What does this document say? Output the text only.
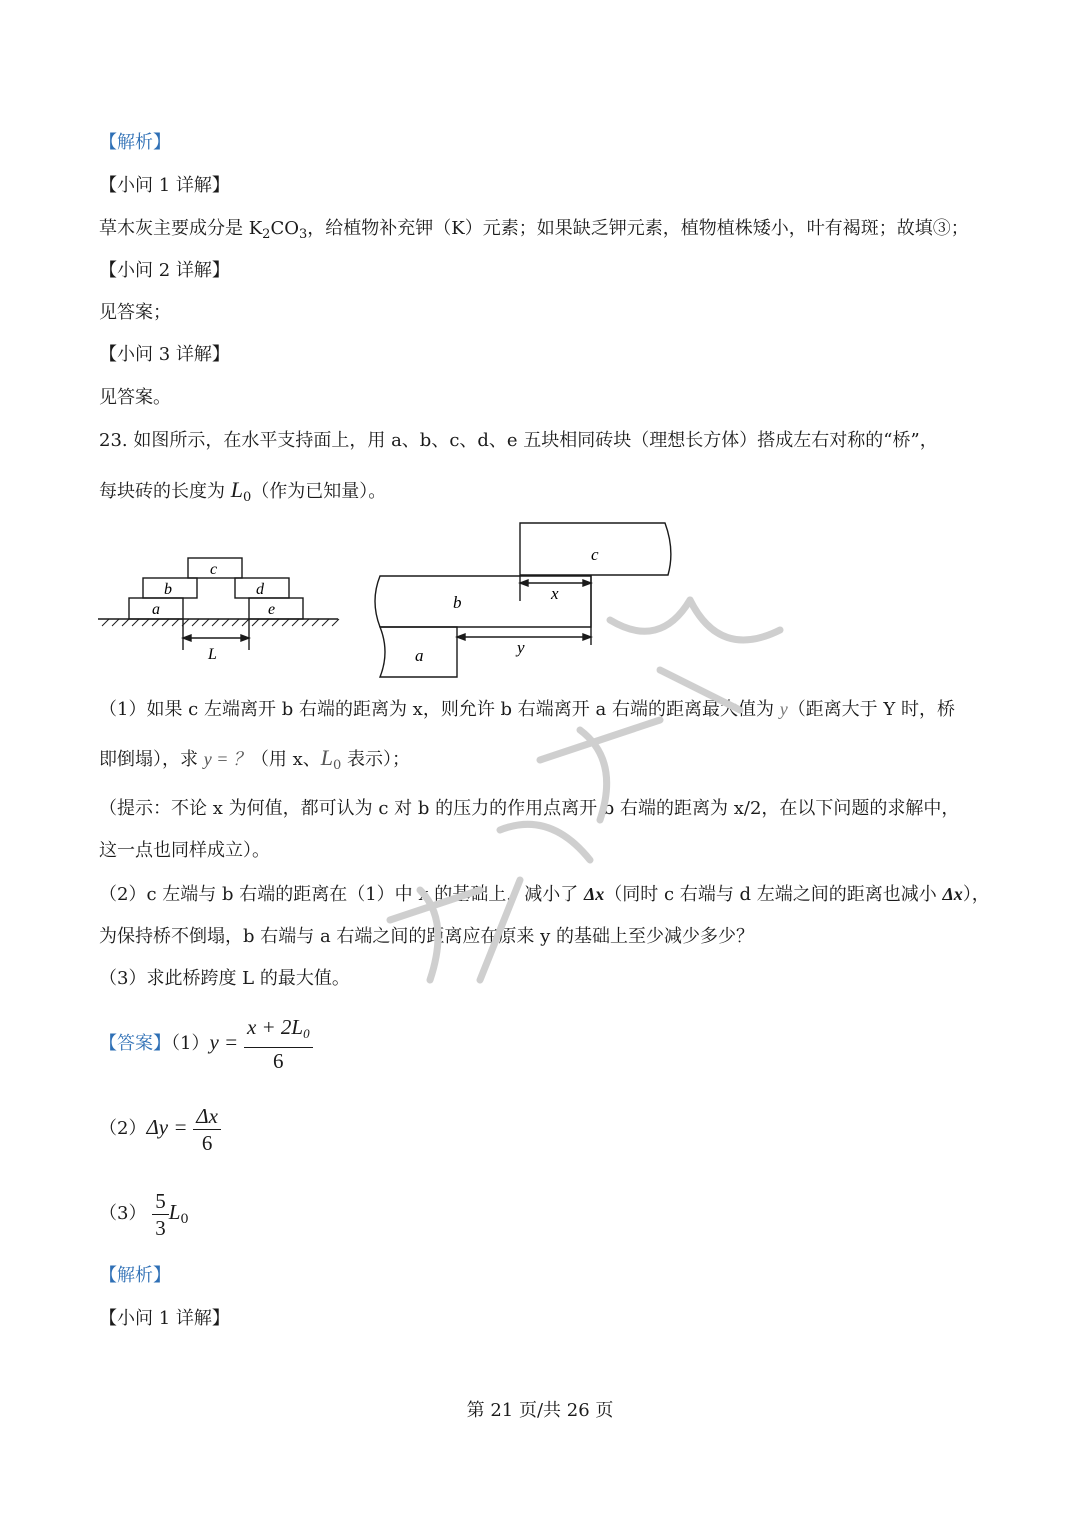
【解析】
【小问 1 详解】
草木灰主要成分是 $K_2CO_3$，给植物补充钾（K）元素；如果缺乏钾元素，植物植株矮小，叶有褐斑；故填③；
【小问 2 详解】
见答案；
【小问 3 详解】
见答案。
23. 如图所示，在水平支持面上，用 a、b、c、d、e 五块相同砖块（理想长方体）搭成左右对称的“桥”，
每块砖的长度为 $L_0$（作为已知量）。
c
b	d
a	e
L
c
b
a
x
y
（1）如果 c 左端离开 b 右端的距离为 x，则允许 b 右端离开 a 右端的距离最大值为 y（距离大于 Y 时，桥
即倒塌），求 y = ？（用 x、$L_0$ 表示）；
（提示：不论 x 为何值，都可认为 c 对 b 的压力的作用点离开 b 右端的距离为 x/2，在以下问题的求解中，
这一点也同样成立）。
（2）c 左端与 b 右端的距离在（1）中 x 的基础上，减小了 Δx（同时 c 右端与 d 左端之间的距离也减小 Δx），
为保持桥不倒塌，b 右端与 a 右端之间的距离应在原来 y 的基础上至少减少多少？
（3）求此桥跨度 L 的最大值。
【答案】$(1)y = \frac{x + 2L_0}{6}$
$(2)\Delta y = \frac{\Delta x}{6}$
$(3) \frac{5}{3} L_0$
【解析】
【小问 1 详解】
第 21 页/共 26 页
